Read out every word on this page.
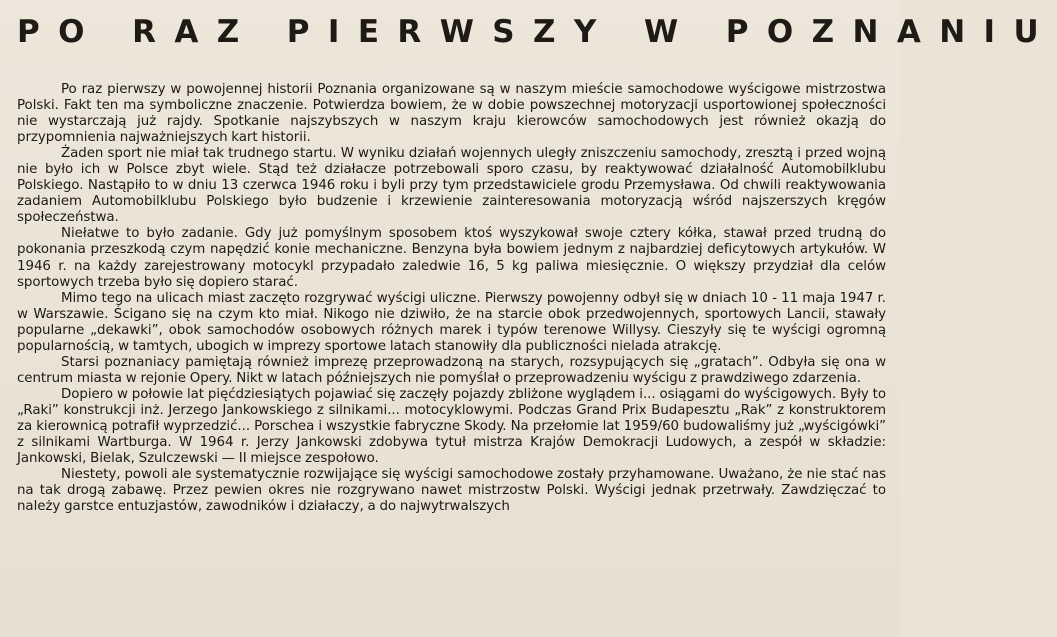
PO RAZ PIERWSZY W POZNANIU

Po raz pierwszy w powojennej historii Poznania organizowane są w naszym mieście samochodowe wyścigowe mistrzostwa Polski. Fakt ten ma symboliczne znaczenie. Potwierdza bowiem, że w dobie powszechnej motoryzacji usportowionej społeczności nie wystarczają już rajdy. Spotkanie najszybszych w naszym kraju kierowców samochodowych jest również okazją do przypomnienia najważniejszych kart historii.

Żaden sport nie miał tak trudnego startu. W wyniku działań wojennych uległy zniszczeniu samochody, zresztą i przed wojną nie było ich w Polsce zbyt wiele. Stąd też działacze potrzebowali sporo czasu, by reaktywować działalność Automobilklubu Polskiego. Nastąpiło to w dniu 13 czerwca 1946 roku i byli przy tym przedstawiciele grodu Przemysława. Od chwili reaktywowania zadaniem Automobilklubu Polskiego było budzenie i krzewienie zainteresowania motoryzacją wśród najszerszych kręgów społeczeństwa.

Niełatwe to było zadanie. Gdy już pomyślnym sposobem ktoś wyszykował swoje cztery kółka, stawał przed trudną do pokonania przeszkodą czym napędzić konie mechaniczne. Benzyna była bowiem jednym z najbardziej deficytowych artykułów. W 1946 r. na każdy zarejestrowany motocykl przypadało zaledwie 16, 5 kg paliwa miesięcznie. O większy przydział dla celów sportowych trzeba było się dopiero starać.

Mimo tego na ulicach miast zaczęto rozgrywać wyścigi uliczne. Pierwszy powojenny odbył się w dniach 10 - 11 maja 1947 r. w Warszawie. Ścigano się na czym kto miał. Nikogo nie dziwiło, że na starcie obok przedwojennych, sportowych Lancii, stawały popularne „dekawki”, obok samochodów osobowych różnych marek i typów terenowe Willysy. Cieszyły się te wyścigi ogromną popularnością, w tamtych, ubogich w imprezy sportowe latach stanowiły dla publiczności nielada atrakcję.

Starsi poznaniacy pamiętają również imprezę przeprowadzoną na starych, rozsypujących się „gratach”. Odbyła się ona w centrum miasta w rejonie Opery. Nikt w latach późniejszych nie pomyślał o przeprowadzeniu wyścigu z prawdziwego zdarzenia.

Dopiero w połowie lat pięćdziesiątych pojawiać się zaczęły pojazdy zbliżone wyglądem i... osiągami do wyścigowych. Były to „Raki” konstrukcji inż. Jerzego Jankowskiego z silnikami... motocyklowymi. Podczas Grand Prix Budapesztu „Rak” z konstruktorem za kierownicą potrafił wyprzedzić... Porschea i wszystkie fabryczne Skody. Na przełomie lat 1959/60 budowaliśmy już „wyścigówki” z silnikami Wartburga. W 1964 r. Jerzy Jankowski zdobywa tytuł mistrza Krajów Demokracji Ludowych, a zespół w składzie: Jankowski, Bielak, Szulczewski — II miejsce zespołowo.

Niestety, powoli ale systematycznie rozwijające się wyścigi samochodowe zostały przyhamowane. Uważano, że nie stać nas na tak drogą zabawę. Przez pewien okres nie rozgrywano nawet mistrzostw Polski. Wyścigi jednak przetrwały. Zawdzięczać to należy garstce entuzjastów, zawodników i działaczy, a do najwytrwalszych
